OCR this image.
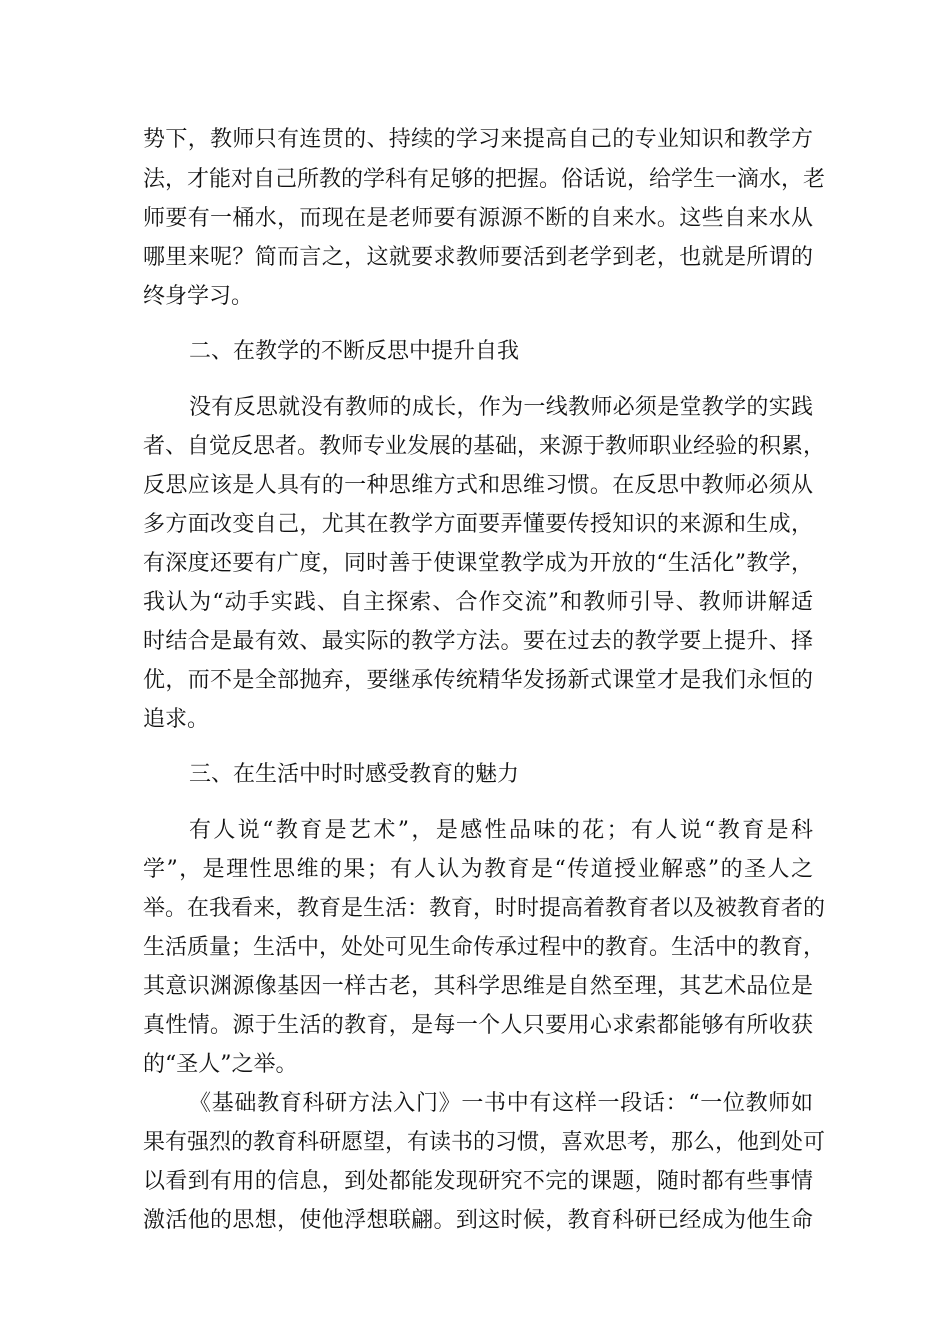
势下，教师只有连贯的、持续的学习来提高自己的专业知识和教学方
法，才能对自己所教的学科有足够的把握。俗话说，给学生一滴水，老
师要有一桶水，而现在是老师要有源源不断的自来水。这些自来水从
哪里来呢？简而言之，这就要求教师要活到老学到老，也就是所谓的
终身学习。
二、在教学的不断反思中提升自我
没有反思就没有教师的成长，作为一线教师必须是堂教学的实践
者、自觉反思者。教师专业发展的基础，来源于教师职业经验的积累，
反思应该是人具有的一种思维方式和思维习惯。在反思中教师必须从
多方面改变自己，尤其在教学方面要弄懂要传授知识的来源和生成，
有深度还要有广度，同时善于使课堂教学成为开放的“生活化”教学，
我认为“动手实践、自主探索、合作交流”和教师引导、教师讲解适
时结合是最有效、最实际的教学方法。要在过去的教学要上提升、择
优，而不是全部抛弃，要继承传统精华发扬新式课堂才是我们永恒的
追求。
三、在生活中时时感受教育的魅力
有人说“教育是艺术”，是感性品味的花；有人说“教育是科
学”，是理性思维的果；有人认为教育是“传道授业解惑”的圣人之
举。在我看来，教育是生活：教育，时时提高着教育者以及被教育者的
生活质量；生活中，处处可见生命传承过程中的教育。生活中的教育，
其意识渊源像基因一样古老，其科学思维是自然至理，其艺术品位是
真性情。源于生活的教育，是每一个人只要用心求索都能够有所收获
的“圣人”之举。
《基础教育科研方法入门》一书中有这样一段话：“一位教师如
果有强烈的教育科研愿望，有读书的习惯，喜欢思考，那么，他到处可
以看到有用的信息，到处都能发现研究不完的课题，随时都有些事情
激活他的思想，使他浮想联翩。到这时候，教育科研已经成为他生命
